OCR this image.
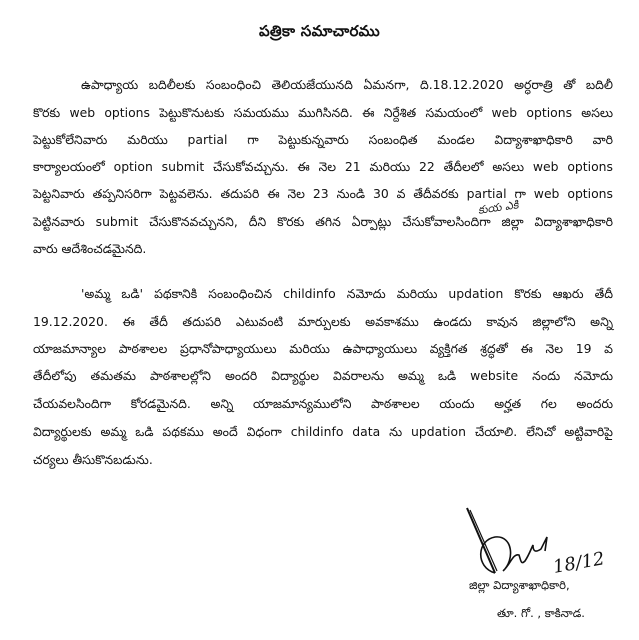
పత్రికా సమాచారము
ఉపాధ్యాయ బదిలీలకు సంబంధించి తెలియజేయునది ఏమనగా, ది.18.12.2020 అర్ధరాత్రి తో బదిలీ
కొరకు web options పెట్టుకొనుటకు సమయము ముగిసినది. ఈ నిర్దేశిత సమయంలో web options అసలు
పెట్టుకోలేనివారు మరియు partial గా పెట్టుకున్నవారు సంబంధిత మండల విద్యాశాఖాధికారి వారి
కార్యాలయంలో option submit చేసుకోవచ్చును. ఈ నెల 21 మరియు 22 తేదీలలో అసలు web options
పెట్టనివారు తప్పనిసరిగా పెట్టవలెను. తదుపరి ఈ నెల 23 నుండి 30 వ తేదీవరకు partial గా web options
పెట్టినవారు submit చేసుకొనవచ్చునని, దీని కొరకు తగిన ఏర్పాట్లు చేసుకోవాలసిందిగా జిల్లా విద్యాశాఖాధికారి
వారు ఆదేశించడమైనది.
కుయ ఎకి
'అమ్మ ఒడి' పథకానికి సంబంధించిన childinfo నమోదు మరియు updation కొరకు ఆఖరు తేదీ
19.12.2020. ఈ తేదీ తదుపరి ఎటువంటి మార్పులకు అవకాశము ఉండదు కావున జిల్లాలోని అన్ని
యాజమాన్యాల పాఠశాలల ప్రధానోపాధ్యాయులు మరియు ఉపాధ్యాయులు వ్యక్తిగత శ్రద్ధతో ఈ నెల 19 వ
తేదీలోపు తమతమ పాఠశాలల్లోని అందరి విద్యార్థుల వివరాలను అమ్మ ఒడి website నందు నమోదు
చేయవలసిందిగా కోరడమైనది. అన్ని యాజమాన్యములోని పాఠశాలల యందు అర్హత గల అందరు
విద్యార్థులకు అమ్మ ఒడి పథకము అందే విధంగా childinfo data ను updation చేయాలి. లేనిచో అట్టివారిపై
చర్యలు తీసుకొనబడును.
18/12
జిల్లా విద్యాశాఖాధికారి,
తూ. గో. , కాకినాడ.
